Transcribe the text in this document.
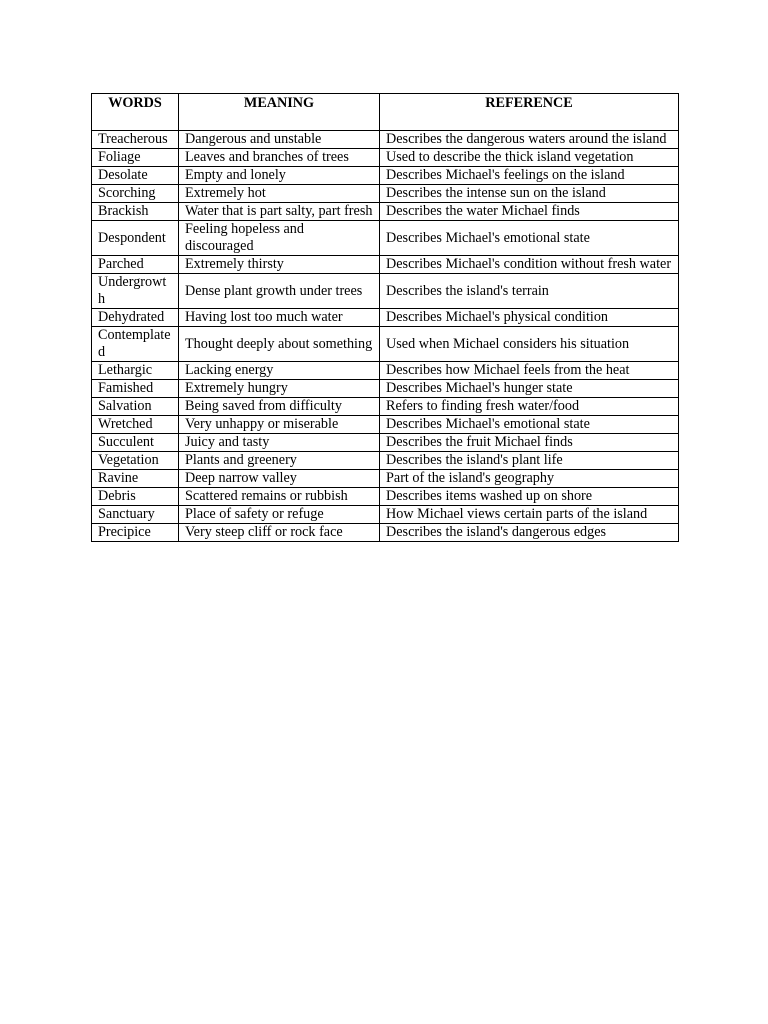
WORDS	MEANING	REFERENCE
Treacherous	Dangerous and unstable	Describes the dangerous waters around the island
Foliage	Leaves and branches of trees	Used to describe the thick island vegetation
Desolate	Empty and lonely	Describes Michael's feelings on the island
Scorching	Extremely hot	Describes the intense sun on the island
Brackish	Water that is part salty, part fresh	Describes the water Michael finds
Despondent	Feeling hopeless and discouraged	Describes Michael's emotional state
Parched	Extremely thirsty	Describes Michael's condition without fresh water
Undergrowth	Dense plant growth under trees	Describes the island's terrain
Dehydrated	Having lost too much water	Describes Michael's physical condition
Contemplated	Thought deeply about something	Used when Michael considers his situation
Lethargic	Lacking energy	Describes how Michael feels from the heat
Famished	Extremely hungry	Describes Michael's hunger state
Salvation	Being saved from difficulty	Refers to finding fresh water/food
Wretched	Very unhappy or miserable	Describes Michael's emotional state
Succulent	Juicy and tasty	Describes the fruit Michael finds
Vegetation	Plants and greenery	Describes the island's plant life
Ravine	Deep narrow valley	Part of the island's geography
Debris	Scattered remains or rubbish	Describes items washed up on shore
Sanctuary	Place of safety or refuge	How Michael views certain parts of the island
Precipice	Very steep cliff or rock face	Describes the island's dangerous edges
